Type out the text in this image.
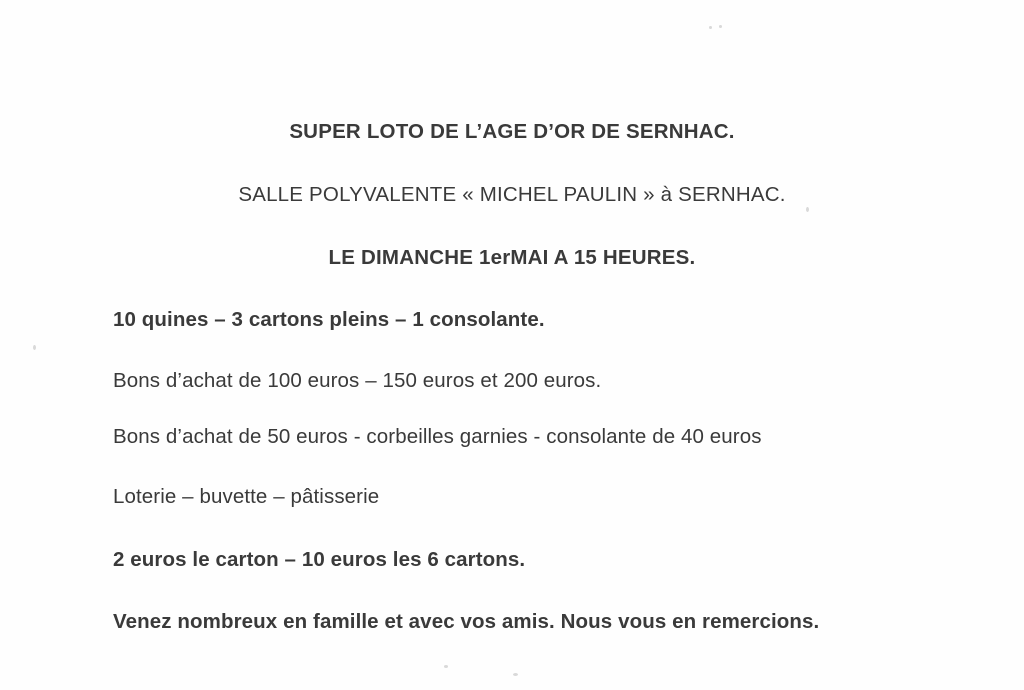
SUPER LOTO DE L’AGE D’OR DE SERNHAC.
SALLE POLYVALENTE « MICHEL PAULIN » à SERNHAC.
LE DIMANCHE 1erMAI A 15 HEURES.
10 quines – 3 cartons pleins – 1 consolante.
Bons d’achat de 100 euros – 150 euros et 200 euros.
Bons d’achat de 50 euros - corbeilles garnies - consolante de 40 euros
Loterie – buvette – pâtisserie
2 euros le carton – 10 euros les 6 cartons.
Venez nombreux en famille et avec vos amis. Nous vous en remercions.
